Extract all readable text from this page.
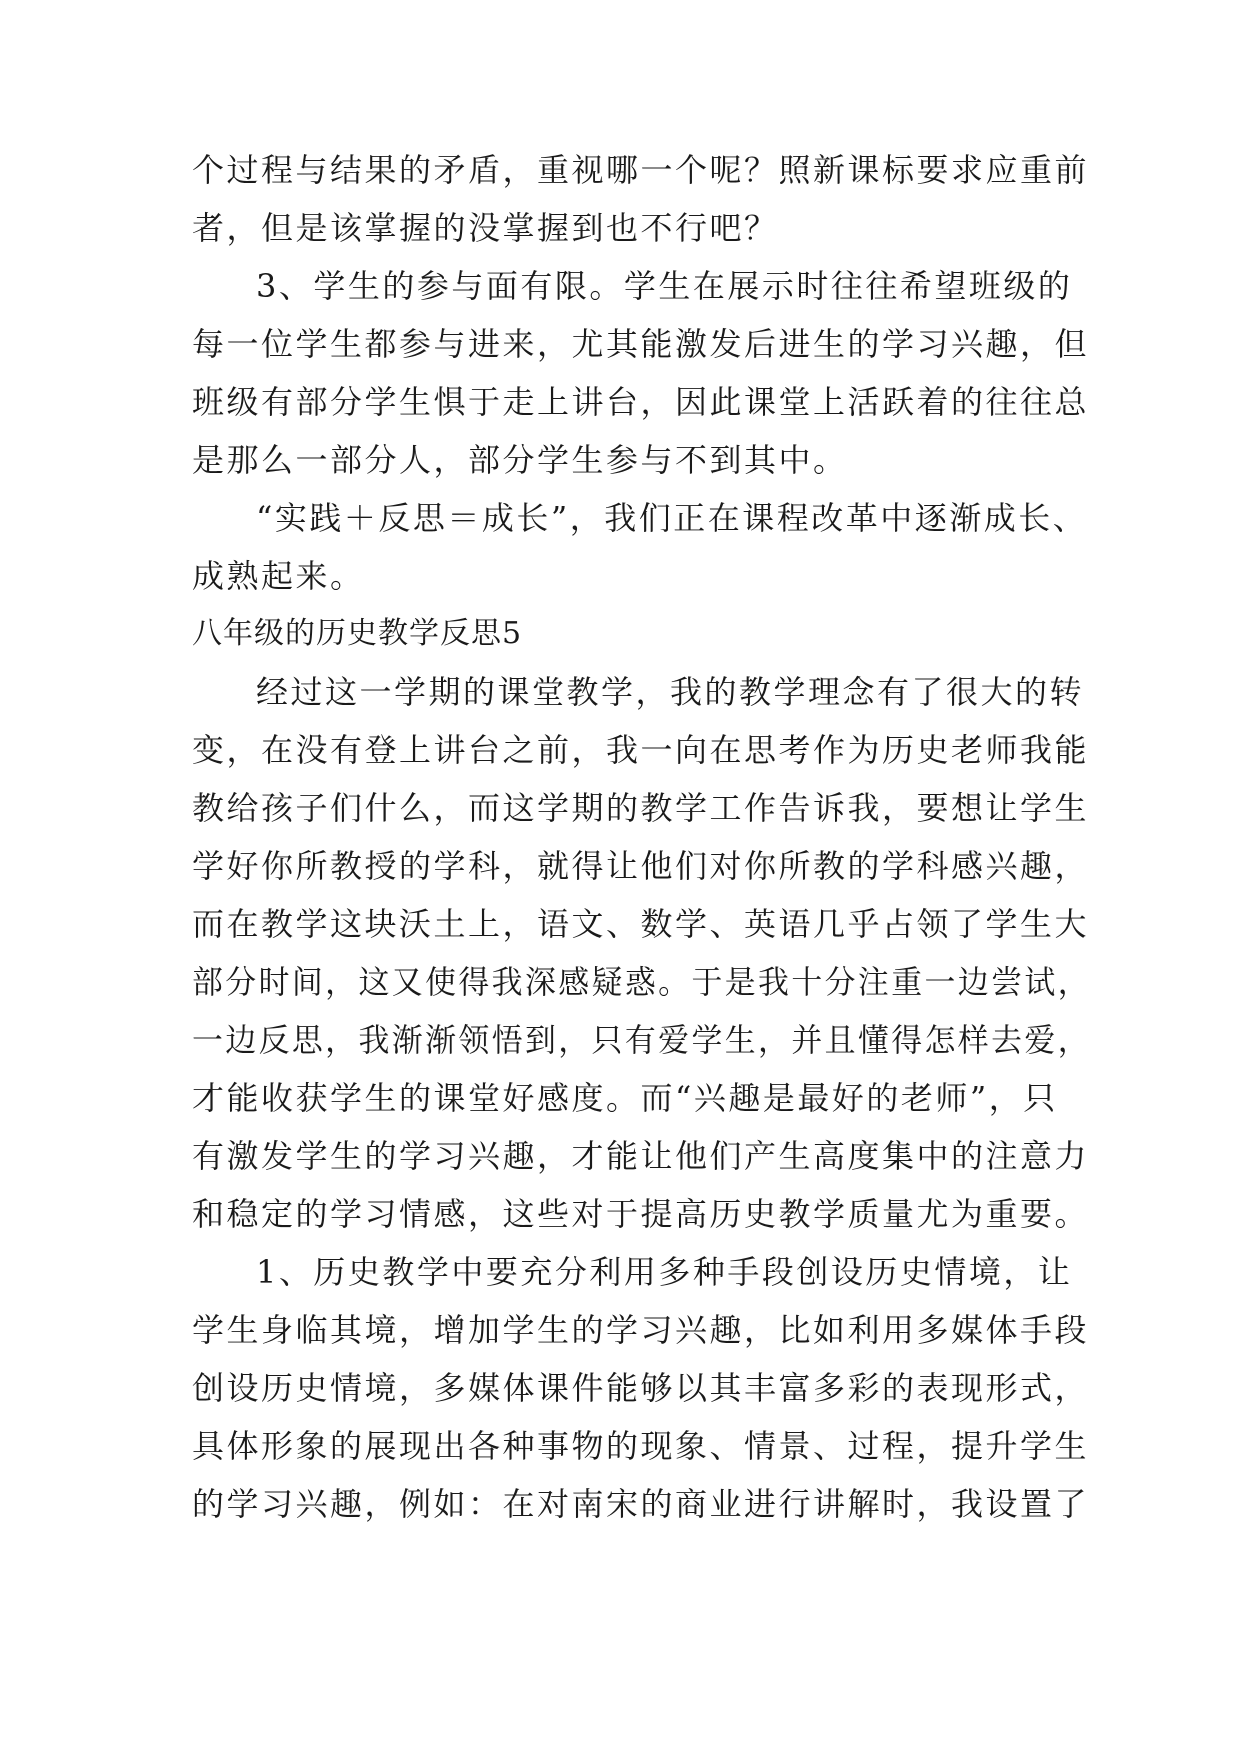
个过程与结果的矛盾，重视哪一个呢？照新课标要求应重前
者，但是该掌握的没掌握到也不行吧？
3、学生的参与面有限。学生在展示时往往希望班级的
每一位学生都参与进来，尤其能激发后进生的学习兴趣，但
班级有部分学生惧于走上讲台，因此课堂上活跃着的往往总
是那么一部分人，部分学生参与不到其中。
“实践＋反思＝成长”，我们正在课程改革中逐渐成长、
成熟起来。
八年级的历史教学反思5
经过这一学期的课堂教学，我的教学理念有了很大的转
变，在没有登上讲台之前，我一向在思考作为历史老师我能
教给孩子们什么，而这学期的教学工作告诉我，要想让学生
学好你所教授的学科，就得让他们对你所教的学科感兴趣，
而在教学这块沃土上，语文、数学、英语几乎占领了学生大
部分时间，这又使得我深感疑惑。于是我十分注重一边尝试，
一边反思，我渐渐领悟到，只有爱学生，并且懂得怎样去爱，
才能收获学生的课堂好感度。而“兴趣是最好的老师”，只
有激发学生的学习兴趣，才能让他们产生高度集中的注意力
和稳定的学习情感，这些对于提高历史教学质量尤为重要。
1、历史教学中要充分利用多种手段创设历史情境，让
学生身临其境，增加学生的学习兴趣，比如利用多媒体手段
创设历史情境，多媒体课件能够以其丰富多彩的表现形式，
具体形象的展现出各种事物的现象、情景、过程，提升学生
的学习兴趣，例如：在对南宋的商业进行讲解时，我设置了
